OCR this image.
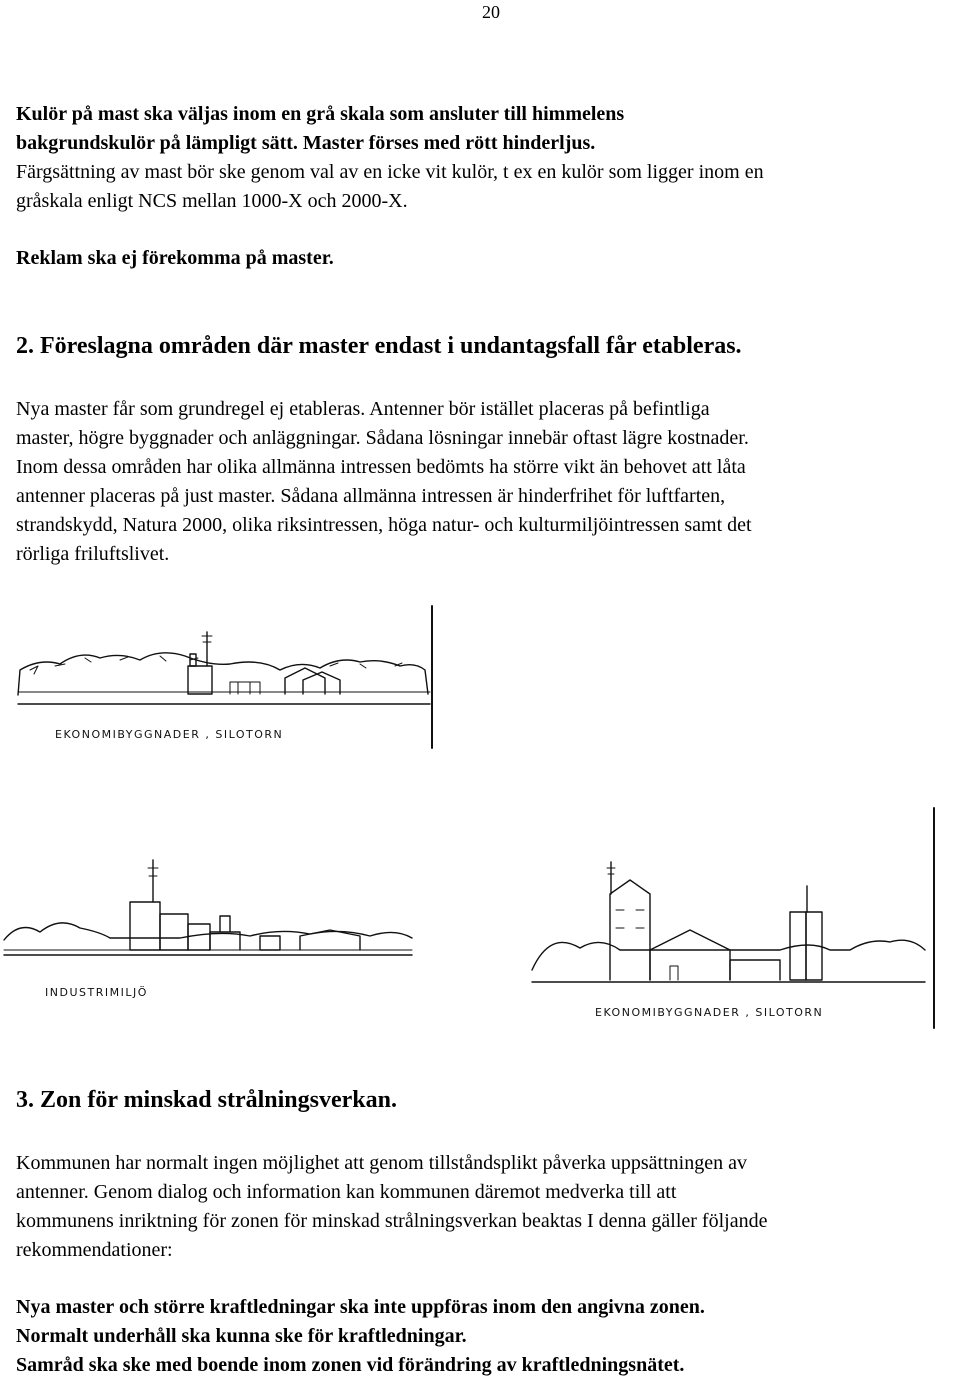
20
Kulör på mast ska väljas inom en grå skala som ansluter till himmelens
bakgrundskulör på lämpligt sätt. Master förses med rött hinderljus.
Färgsättning av mast bör ske genom val av en icke vit kulör, t ex en kulör som ligger inom en
gråskala enligt NCS mellan 1000-X och 2000-X.
Reklam ska ej förekomma på master.
2. Föreslagna områden där master endast i undantagsfall får etableras.
Nya master får som grundregel ej etableras. Antenner bör istället placeras på befintliga
master, högre byggnader och anläggningar. Sådana lösningar innebär oftast lägre kostnader.
Inom dessa områden har olika allmänna intressen bedömts ha större vikt än behovet att låta
antenner placeras på just master. Sådana allmänna intressen är hinderfrihet för luftfarten,
strandskydd, Natura 2000, olika riksintressen, höga natur- och kulturmiljöintressen samt det
rörliga friluftslivet.
EKONOMIBYGGNADER , SILOTORN
INDUSTRIMILJÖ
EKONOMIBYGGNADER , SILOTORN
3. Zon för minskad strålningsverkan.
Kommunen har normalt ingen möjlighet att genom tillståndsplikt påverka uppsättningen av
antenner. Genom dialog och information kan kommunen däremot medverka till att
kommunens inriktning för zonen för minskad strålningsverkan beaktas I denna gäller följande
rekommendationer:
Nya master och större kraftledningar ska inte uppföras inom den angivna zonen.
Normalt underhåll ska kunna ske för kraftledningar.
Samråd ska ske med boende inom zonen vid förändring av kraftledningsnätet.
